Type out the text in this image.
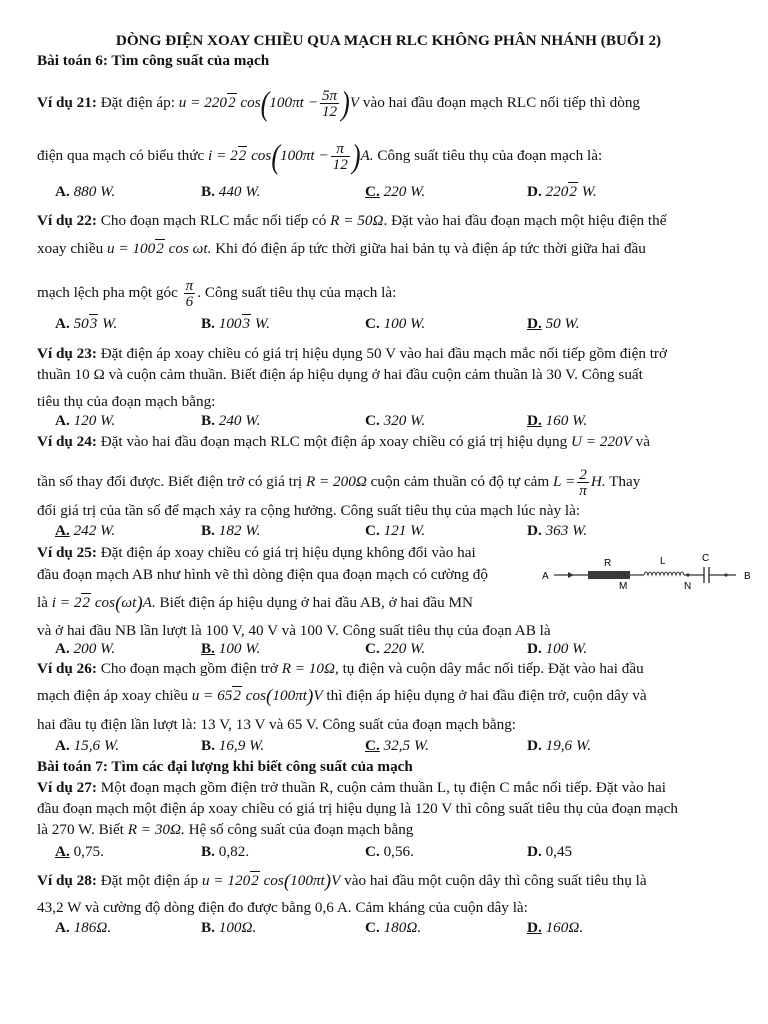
DÒNG ĐIỆN XOAY CHIỀU QUA MẠCH RLC KHÔNG PHÂN NHÁNH (BUỔI 2)
Bài toán 6: Tìm công suất của mạch
Ví dụ 21: Đặt điện áp: u = 2202 $\cos(100\pi t - \frac{5\pi}{12} )V$ vào hai đầu đoạn mạch RLC nối tiếp thì dòng
điện qua mạch có biểu thức i = 22 $\cos(100\pi t - \frac{\pi}{12} )A$. Công suất tiêu thụ của đoạn mạch là:
A. 880 W.	B. 440 W.	C. 220 W.	D. 2202 W.
Ví dụ 22: Cho đoạn mạch RLC mắc nối tiếp có R = 50Ω. Đặt vào hai đầu đoạn mạch một hiệu điện thế
xoay chiều u = 1002 cos ωt. Khi đó điện áp tức thời giữa hai bản tụ và điện áp tức thời giữa hai đầu
mạch lệch pha một góc $\frac{\pi}{6}$ . Công suất tiêu thụ của mạch là:
A. 503 W.	B. 1003 W.	C. 100 W.	D. 50 W.
Ví dụ 23: Đặt điện áp xoay chiều có giá trị hiệu dụng 50 V vào hai đầu mạch mắc nối tiếp gồm điện trở
thuần 10 Ω và cuộn cảm thuần. Biết điện áp hiệu dụng ở hai đầu cuộn cảm thuần là 30 V. Công suất
tiêu thụ của đoạn mạch bằng:
A. 120 W.	B. 240 W.	C. 320 W.	D. 160 W.
Ví dụ 24: Đặt vào hai đầu đoạn mạch RLC một điện áp xoay chiều có giá trị hiệu dụng U = 220V và
tần số thay đổi được. Biết điện trở có giá trị R = 200Ω cuộn cảm thuần có độ tự cảm $L = \frac{2}{\pi} H$. Thay
đổi giá trị của tần số để mạch xảy ra cộng hưởng. Công suất tiêu thụ của mạch lúc này là:
A. 242 W.	B. 182 W.	C. 121 W.	D. 363 W.
Ví dụ 25: Đặt điện áp xoay chiều có giá trị hiệu dụng không đổi vào hai
đầu đoạn mạch AB như hình vẽ thì dòng điện qua đoạn mạch có cường độ
là i = 22 cos(ωt)A. Biết điện áp hiệu dụng ở hai đầu AB, ở hai đầu MN
và ở hai đầu NB lần lượt là 100 V, 40 V và 100 V. Công suất tiêu thụ của đoạn AB là
A. 200 W.	B. 100 W.	C. 220 W.	D. 100 W.
A
R
M
L
N
C
B
Ví dụ 26: Cho đoạn mạch gồm điện trở R = 10Ω, tụ điện và cuộn dây mắc nối tiếp. Đặt vào hai đầu
mạch điện áp xoay chiều u = 652 cos(100πt)V thì điện áp hiệu dụng ở hai đầu điện trở, cuộn dây và
hai đầu tụ điện lần lượt là: 13 V, 13 V và 65 V. Công suất của đoạn mạch bằng:
A. 15,6 W.	B. 16,9 W.	C. 32,5 W.	D. 19,6 W.
Bài toán 7: Tìm các đại lượng khi biết công suất của mạch
Ví dụ 27: Một đoạn mạch gồm điện trở thuần R, cuộn cảm thuần L, tụ điện C mắc nối tiếp. Đặt vào hai
đầu đoạn mạch một điện áp xoay chiều có giá trị hiệu dụng là 120 V thì công suất tiêu thụ của đoạn mạch
là 270 W. Biết R = 30Ω. Hệ số công suất của đoạn mạch bằng
A. 0,75.	B. 0,82.	C. 0,56.	D. 0,45
Ví dụ 28: Đặt một điện áp u = 1202 cos(100πt)V vào hai đầu một cuộn dây thì công suất tiêu thụ là
43,2 W và cường độ dòng điện đo được bằng 0,6 A. Cảm kháng của cuộn dây là:
A. 186Ω.	B. 100Ω.	C. 180Ω.	D. 160Ω.
